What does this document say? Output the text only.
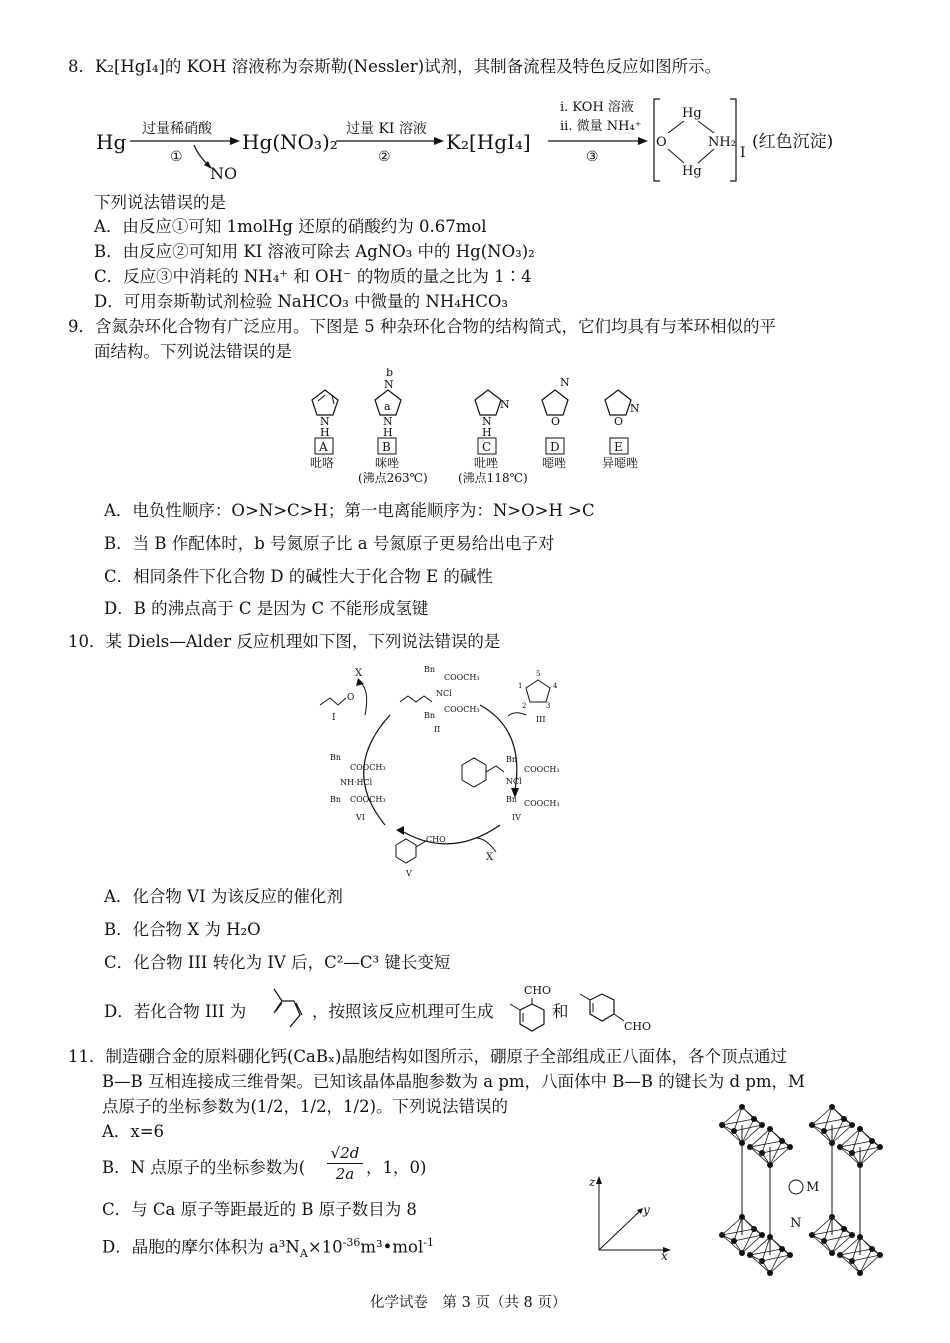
8．K₂[HgI₄]的 KOH 溶液称为奈斯勒(Nessler)试剂，其制备流程及特色反应如图所示。
Hg
过量稀硝酸
①
NO
Hg(NO₃)₂
过量 KI 溶液
②
K₂[HgI₄]
ⅰ. KOH 溶液
ⅱ. 微量 NH₄⁺
③
Hg
O	NH₂
Hg
I
(红色沉淀)
下列说法错误的是
A．由反应①可知 1molHg 还原的硝酸约为 0.67mol
B．由反应②可知用 KI 溶液可除去 AgNO₃ 中的 Hg(NO₃)₂
C．反应③中消耗的 NH₄⁺ 和 OH⁻ 的物质的量之比为 1∶4
D．可用奈斯勒试剂检验 NaHCO₃ 中微量的 NH₄HCO₃
9．含氮杂环化合物有广泛应用。下图是 5 种杂环化合物的结构简式，它们均具有与苯环相似的平
面结构。下列说法错误的是
N
H
b
N
a
N
H
N
N
H
N
O
N
O
A	B	C	D	E
吡咯	咪唑	吡唑	噁唑	异噁唑
(沸点263℃)	(沸点118℃)
A．电负性顺序：O>N>C>H；第一电离能顺序为：N>O>H >C
B．当 B 作配体时，b 号氮原子比 a 号氮原子更易给出电子对
C．相同条件下化合物 D 的碱性大于化合物 E 的碱性
D．B 的沸点高于 C 是因为 C 不能形成氢键
10．某 Diels—Alder 反应机理如下图，下列说法错误的是
X
O
I
Bn
COOCH₃
NCl
Bn
COOCH₃
II
5
1	4
2	3
III
Bn
COOCH₃
NCl
Bn COOCH₃
IV
X
CHO
V
Bn
COOCH₃
NH·HCl
Bn COOCH₃
VI
A．化合物 VI 为该反应的催化剂
B．化合物 X 为 H₂O
C．化合物 III 转化为 IV 后，C²—C³ 键长变短
D．若化合物 III 为	，按照该反应机理可生成
CHO
和
CHO
11．制造硼合金的原料硼化钙(CaBₓ)晶胞结构如图所示，硼原子全部组成正八面体，各个顶点通过
B—B 互相连接成三维骨架。已知该晶体晶胞参数为 a pm，八面体中 B—B 的键长为 d pm，M
点原子的坐标参数为(1/2，1/2，1/2)。下列说法错误的
A．x=6
B．N 点原子的坐标参数为( $\frac{√2d}{2a}$ ，1，0)
C．与 Ca 原子等距最近的 B 原子数目为 8
D．晶胞的摩尔体积为 $a^3N_A\times 10^{-36}m^3•mol^{-1}$
z
x
y
M
N
化学试卷　第 3 页（共 8 页）
